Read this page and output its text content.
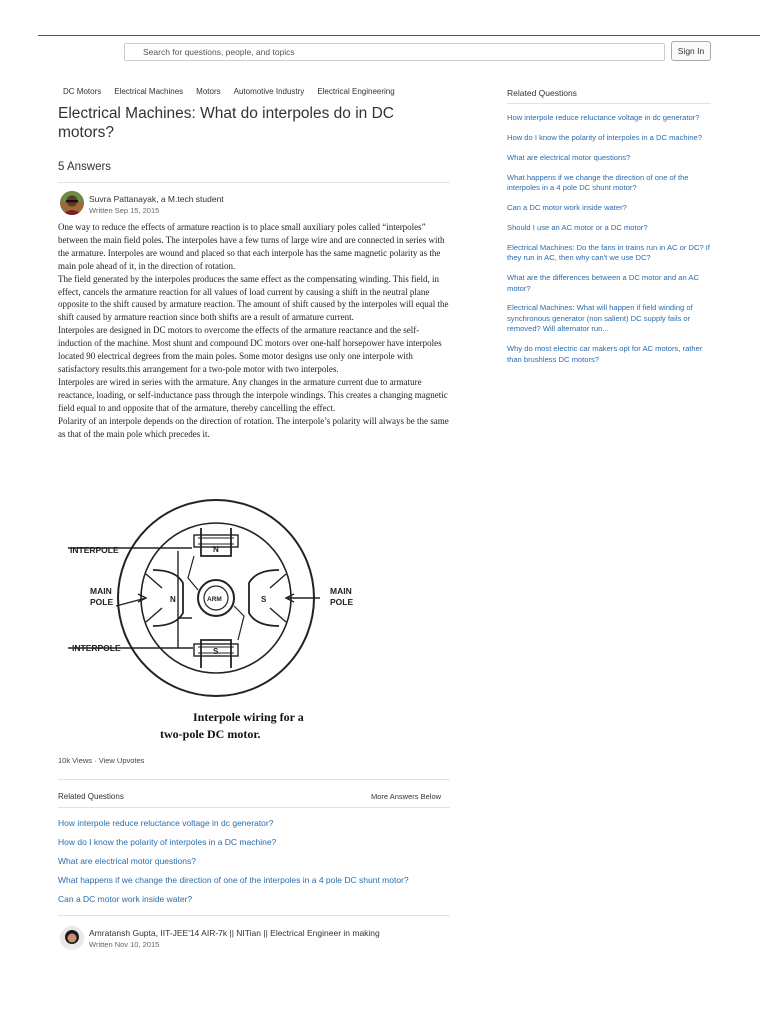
Search for questions, people, and topics	Sign In
DC Motors Electrical Machines Motors Automotive Industry Electrical Engineering
Electrical Machines: What do interpoles do in DC motors?
5 Answers
Suvra Pattanayak, a M.tech student
Written Sep 15, 2015

One way to reduce the effects of armature reaction is to place small auxiliary poles called “interpoles” between the main field poles. The interpoles have a few turns of large wire and are connected in series with the armature. Interpoles are wound and placed so that each interpole has the same magnetic polarity as the main pole ahead of it, in the direction of rotation.

The field generated by the interpoles produces the same effect as the compensating winding. This field, in effect, cancels the armature reaction for all values of load current by causing a shift in the neutral plane opposite to the shift caused by armature reaction. The amount of shift caused by the interpoles will equal the shift caused by armature reaction since both shifts are a result of armature current.

Interpoles are designed in DC motors to overcome the effects of the armature reactance and the self-induction of the machine. Most shunt and compound DC motors over one-half horsepower have interpoles located 90 electrical degrees from the main poles. Some motor designs use only one interpole with satisfactory results.this arrangement for a two-pole motor with two interpoles.

Interpoles are wired in series with the armature. Any changes in the armature current due to armature reactance, loading, or self-inductance pass through the interpole windings. This creates a changing magnetic field equal to and opposite that of the armature, thereby cancelling the effect.

Polarity of an interpole depends on the direction of rotation. The interpole’s polarity will always be the same as that of the main pole which precedes it.

INTERPOLE
INTERPOLE
MAIN
POLE
MAIN
POLE
N
S
N	S
ARM
Interpole wiring for a
two-pole DC motor.
10k Views · View Upvotes
Related Questions	More Answers Below
How interpole reduce reluctance voltage in dc generator?
How do I know the polarity of interpoles in a DC machine?
What are electrical motor questions?
What happens if we change the direction of one of the interpoles in a 4 pole DC shunt motor?
Can a DC motor work inside water?
Amratansh Gupta, IIT-JEE'14 AIR-7k || NITian || Electrical Engineer in making
Written Nov 10, 2015
Related Questions
How interpole reduce reluctance voltage in dc generator?
How do I know the polarity of interpoles in a DC machine?
What are electrical motor questions?
What happens if we change the direction of one of the interpoles in a 4 pole DC shunt motor?
Can a DC motor work inside water?
Should I use an AC motor or a DC motor?
Electrical Machines: Do the fans in trains run in AC or DC? If they run in AC, then why can't we use DC?
What are the differences between a DC motor and an AC motor?
Electrical Machines: What will happen if field winding of synchronous generator (non salient) DC supply fails or removed? Will alternator run...
Why do most electric car makers opt for AC motors, rather than brushless DC motors?
